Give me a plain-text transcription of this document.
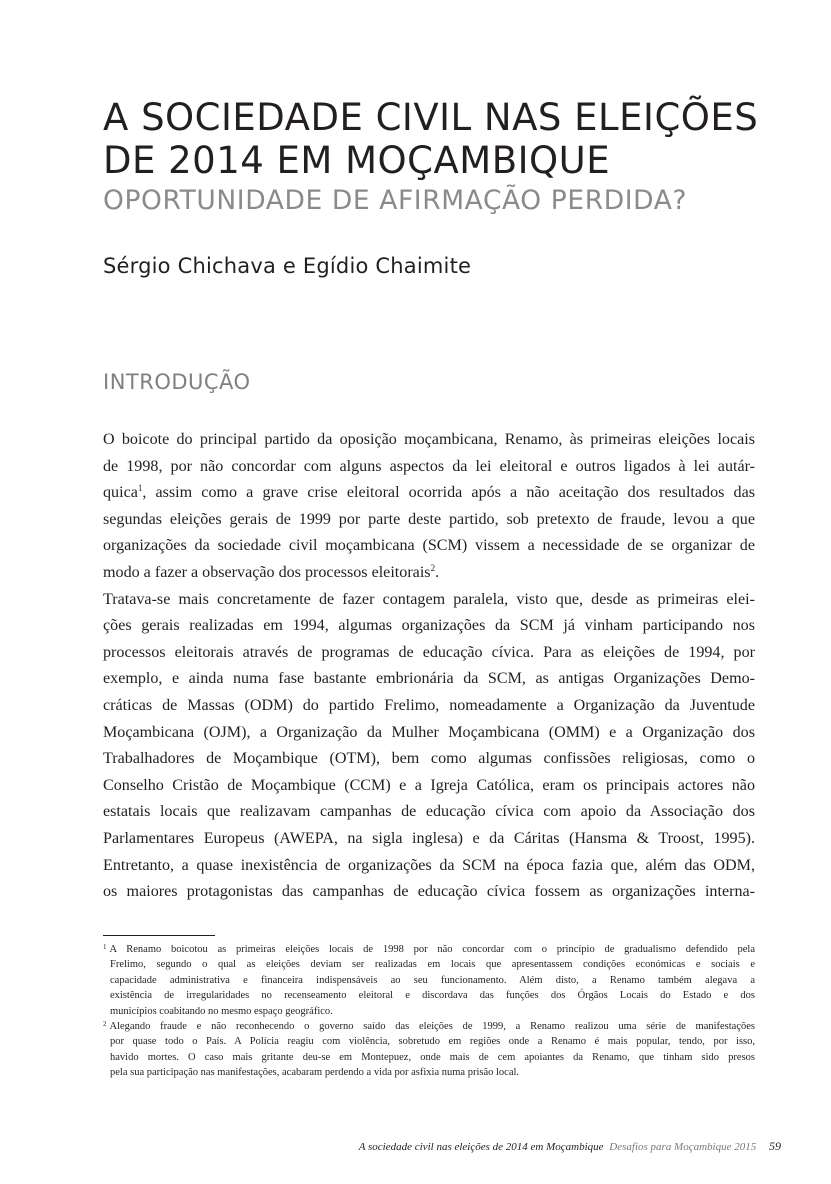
A SOCIEDADE CIVIL NAS ELEIÇÕES
DE 2014 EM MOÇAMBIQUE
OPORTUNIDADE DE AFIRMAÇÃO PERDIDA?
Sérgio Chichava e Egídio Chaimite
INTRODUÇÃO
O boicote do principal partido da oposição moçambicana, Renamo, às primeiras eleições locais
de 1998, por não concordar com alguns aspectos da lei eleitoral e outros ligados à lei autár-
quica$^1$, assim como a grave crise eleitoral ocorrida após a não aceitação dos resultados das
segundas eleições gerais de 1999 por parte deste partido, sob pretexto de fraude, levou a que
organizações da sociedade civil moçambicana (SCM) vissem a necessidade de se organizar de
modo a fazer a observação dos processos eleitorais$^2$.
Tratava-se mais concretamente de fazer contagem paralela, visto que, desde as primeiras elei-
ções gerais realizadas em 1994, algumas organizações da SCM já vinham participando nos
processos eleitorais através de programas de educação cívica. Para as eleições de 1994, por
exemplo, e ainda numa fase bastante embrionária da SCM, as antigas Organizações Demo-
cráticas de Massas (ODM) do partido Frelimo, nomeadamente a Organização da Juventude
Moçambicana (OJM), a Organização da Mulher Moçambicana (OMM) e a Organização dos
Trabalhadores de Moçambique (OTM), bem como algumas confissões religiosas, como o
Conselho Cristão de Moçambique (CCM) e a Igreja Católica, eram os principais actores não
estatais locais que realizavam campanhas de educação cívica com apoio da Associação dos
Parlamentares Europeus (AWEPA, na sigla inglesa) e da Cáritas (Hansma & Troost, 1995).
Entretanto, a quase inexistência de organizações da SCM na época fazia que, além das ODM,
os maiores protagonistas das campanhas de educação cívica fossem as organizações interna-
$^1$ A Renamo boicotou as primeiras eleições locais de 1998 por não concordar com o princípio de gradualismo defendido pela
Frelimo, segundo o qual as eleições deviam ser realizadas em locais que apresentassem condições económicas e sociais e
capacidade administrativa e financeira indispensáveis ao seu funcionamento. Além disto, a Renamo também alegava a
existência de irregularidades no recenseamento eleitoral e discordava das funções dos Órgãos Locais do Estado e dos
municípios coabitando no mesmo espaço geográfico.
$^2$ Alegando fraude e não reconhecendo o governo saído das eleições de 1999, a Renamo realizou uma série de manifestações
por quase todo o País. A Polícia reagiu com violência, sobretudo em regiões onde a Renamo é mais popular, tendo, por isso,
havido mortes. O caso mais gritante deu-se em Montepuez, onde mais de cem apoiantes da Renamo, que tinham sido presos
pela sua participação nas manifestações, acabaram perdendo a vida por asfixia numa prisão local.
A sociedade civil nas eleições de 2014 em Moçambique Desafios para Moçambique 2015 59
